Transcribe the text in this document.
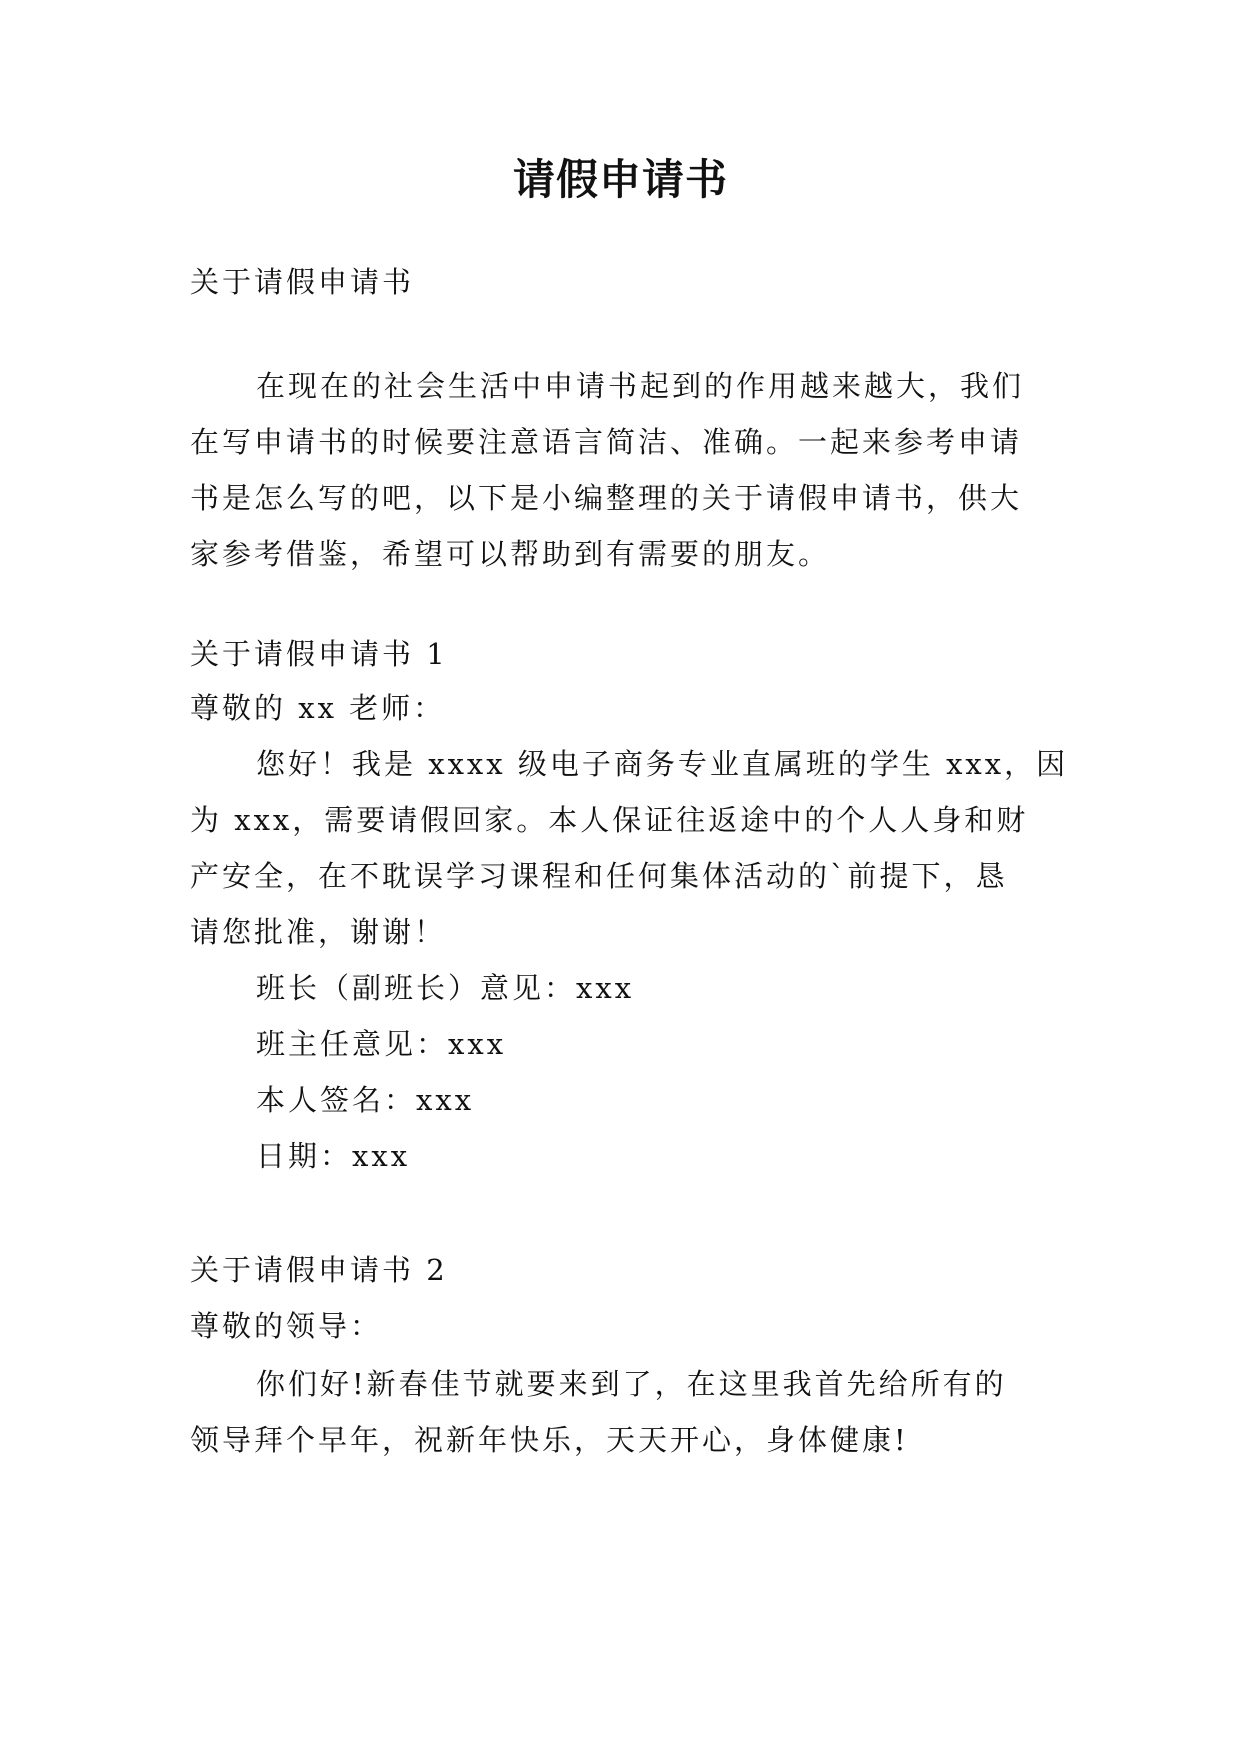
请假申请书
关于请假申请书
在现在的社会生活中申请书起到的作用越来越大，我们
在写申请书的时候要注意语言简洁、准确。一起来参考申请
书是怎么写的吧，以下是小编整理的关于请假申请书，供大
家参考借鉴，希望可以帮助到有需要的朋友。
关于请假申请书 1
尊敬的 xx 老师：
您好！我是 xxxx 级电子商务专业直属班的学生 xxx，因
为 xxx，需要请假回家。本人保证往返途中的个人人身和财
产安全，在不耽误学习课程和任何集体活动的`前提下，恳
请您批准，谢谢！
班长（副班长）意见：xxx
班主任意见：xxx
本人签名：xxx
日期：xxx
关于请假申请书 2
尊敬的领导：
你们好!新春佳节就要来到了，在这里我首先给所有的
领导拜个早年，祝新年快乐，天天开心，身体健康!
